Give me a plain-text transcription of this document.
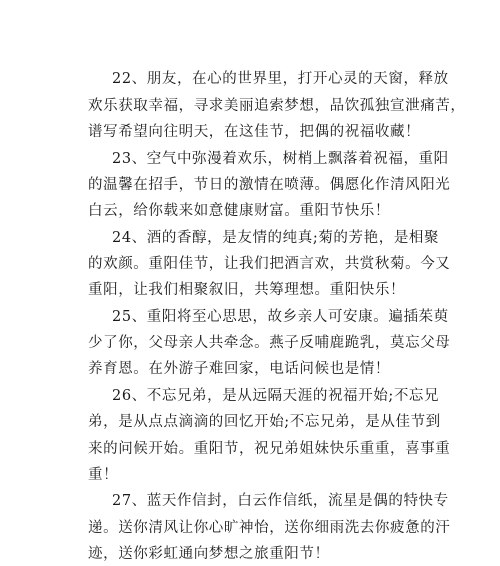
22、朋友，在心的世界里，打开心灵的天窗，释放

欢乐获取幸福，寻求美丽追索梦想，品饮孤独宣泄痛苦，

谱写希望向往明天，在这佳节，把偶的祝福收藏！

23、空气中弥漫着欢乐，树梢上飘落着祝福，重阳

的温馨在招手，节日的激情在喷薄。偶愿化作清风阳光

白云，给你载来如意健康财富。重阳节快乐！

24、酒的香醇，是友情的纯真;菊的芳艳，是相聚

的欢颜。重阳佳节，让我们把酒言欢，共赏秋菊。今又

重阳，让我们相聚叙旧，共筹理想。重阳快乐！

25、重阳将至心思思，故乡亲人可安康。遍插茱萸

少了你，父母亲人共牵念。燕子反哺鹿跪乳，莫忘父母

养育恩。在外游子难回家，电话问候也是情！

26、不忘兄弟，是从远隔天涯的祝福开始;不忘兄

弟，是从点点滴滴的回忆开始;不忘兄弟，是从佳节到

来的问候开始。重阳节，祝兄弟姐妹快乐重重，喜事重

重！

27、蓝天作信封，白云作信纸，流星是偶的特快专

递。送你清风让你心旷神怡，送你细雨洗去你疲惫的汗

迹，送你彩虹通向梦想之旅重阳节！
